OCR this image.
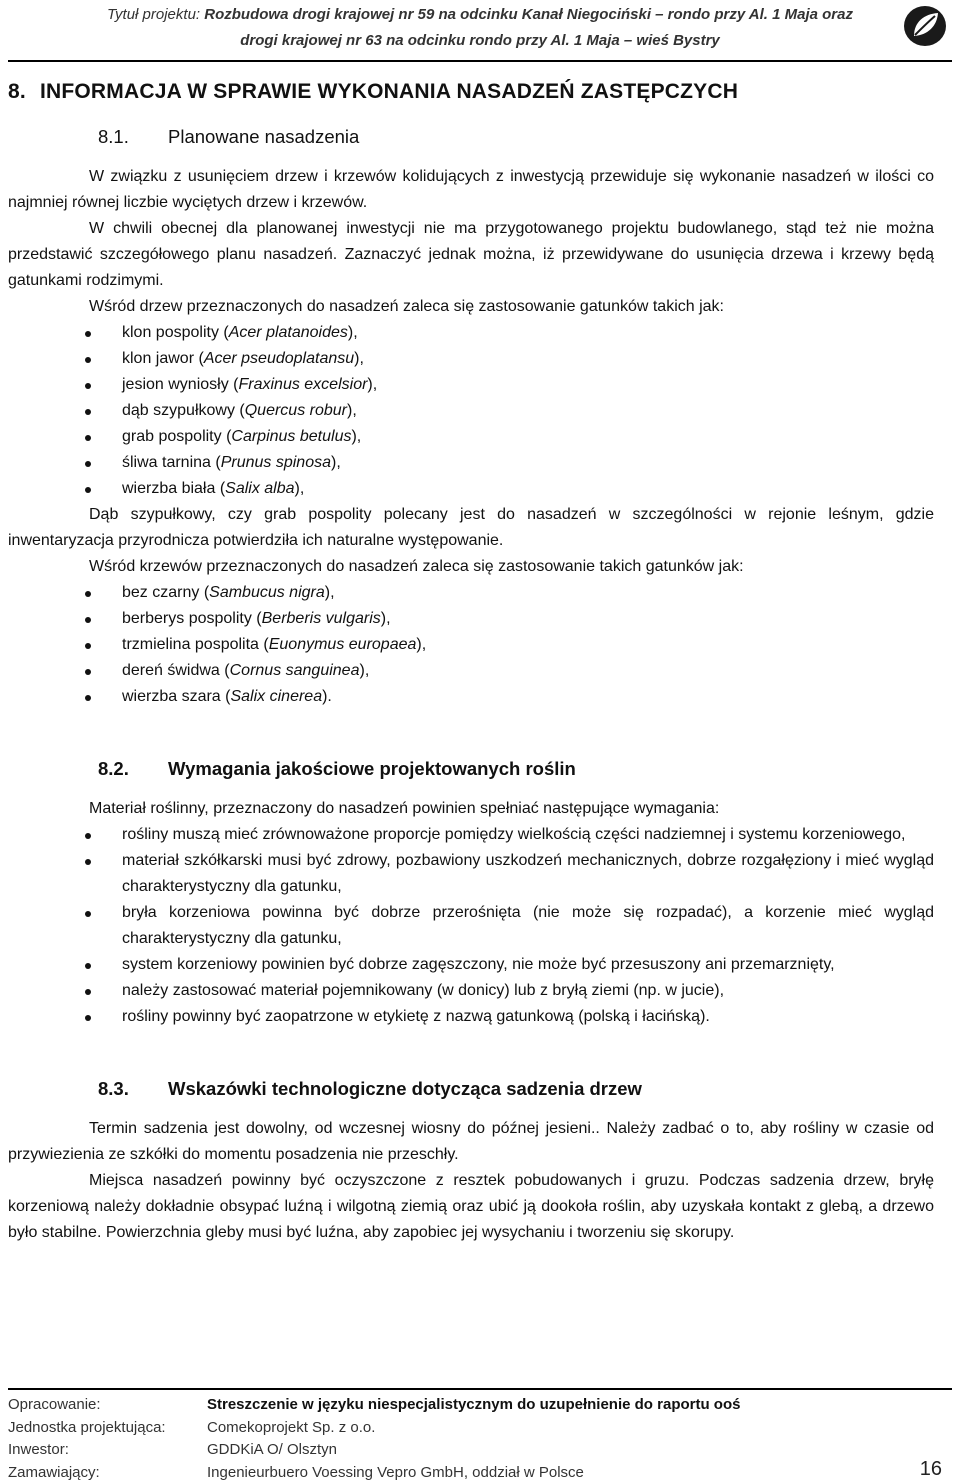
Tytuł projektu: Rozbudowa drogi krajowej nr 59 na odcinku Kanał Niegociński – rondo przy Al. 1 Maja oraz
drogi krajowej nr 63 na odcinku rondo przy Al. 1 Maja – wieś Bystry
8. INFORMACJA W SPRAWIE WYKONANIA NASADZEŃ ZASTĘPCZYCH
8.1.	Planowane nasadzenia

W związku z usunięciem drzew i krzewów kolidujących z inwestycją przewiduje się wykonanie nasadzeń w ilości co najmniej równej liczbie wyciętych drzew i krzewów.

W chwili obecnej dla planowanej inwestycji nie ma przygotowanego projektu budowlanego, stąd też nie można przedstawić szczegółowego planu nasadzeń. Zaznaczyć jednak można, iż przewidywane do usunięcia drzewa i krzewy będą gatunkami rodzimymi.

Wśród drzew przeznaczonych do nasadzeń zaleca się zastosowanie gatunków takich jak:

klon pospolity (Acer platanoides),
klon jawor (Acer pseudoplatansu),
jesion wyniosły (Fraxinus excelsior),
dąb szypułkowy (Quercus robur),
grab pospolity (Carpinus betulus),
śliwa tarnina (Prunus spinosa),
wierzba biała (Salix alba),

Dąb szypułkowy, czy grab pospolity polecany jest do nasadzeń w szczególności w rejonie leśnym, gdzie inwentaryzacja przyrodnicza potwierdziła ich naturalne występowanie.

Wśród krzewów przeznaczonych do nasadzeń zaleca się zastosowanie takich gatunków jak:

bez czarny (Sambucus nigra),
berberys pospolity (Berberis vulgaris),
trzmielina pospolita (Euonymus europaea),
dereń świdwa (Cornus sanguinea),
wierzba szara (Salix cinerea).
8.2.	Wymagania jakościowe projektowanych roślin

Materiał roślinny, przeznaczony do nasadzeń powinien spełniać następujące wymagania:

rośliny muszą mieć zrównoważone proporcje pomiędzy wielkością części nadziemnej i systemu korzeniowego,
materiał szkółkarski musi być zdrowy, pozbawiony uszkodzeń mechanicznych, dobrze rozgałęziony i mieć wygląd charakterystyczny dla gatunku,
bryła korzeniowa powinna być dobrze przerośnięta (nie może się rozpadać), a korzenie mieć wygląd charakterystyczny dla gatunku,
system korzeniowy powinien być dobrze zagęszczony, nie może być przesuszony ani przemarznięty,
należy zastosować materiał pojemnikowany (w donicy) lub z bryłą ziemi (np. w jucie),
rośliny powinny być zaopatrzone w etykietę z nazwą gatunkową (polską i łacińską).
8.3.	Wskazówki technologiczne dotycząca sadzenia drzew

Termin sadzenia jest dowolny, od wczesnej wiosny do późnej jesieni.. Należy zadbać o to, aby rośliny w czasie od przywiezienia ze szkółki do momentu posadzenia nie przeschły.

Miejsca nasadzeń powinny być oczyszczone z resztek pobudowanych i gruzu. Podczas sadzenia drzew, bryłę korzeniową należy dokładnie obsypać luźną i wilgotną ziemią oraz ubić ją dookoła roślin, aby uzyskała kontakt z glebą, a drzewo było stabilne. Powierzchnia gleby musi być luźna, aby zapobiec jej wysychaniu i tworzeniu się skorupy.

Opracowanie:	Streszczenie w języku niespecjalistycznym do uzupełnienie do raportu ooś
Jednostka projektująca:	Comekoprojekt Sp. z o.o.
Inwestor:	GDDKiA O/ Olsztyn
Zamawiający:	Ingenieurbuero Voessing Vepro GmbH, oddział w Polsce	16
